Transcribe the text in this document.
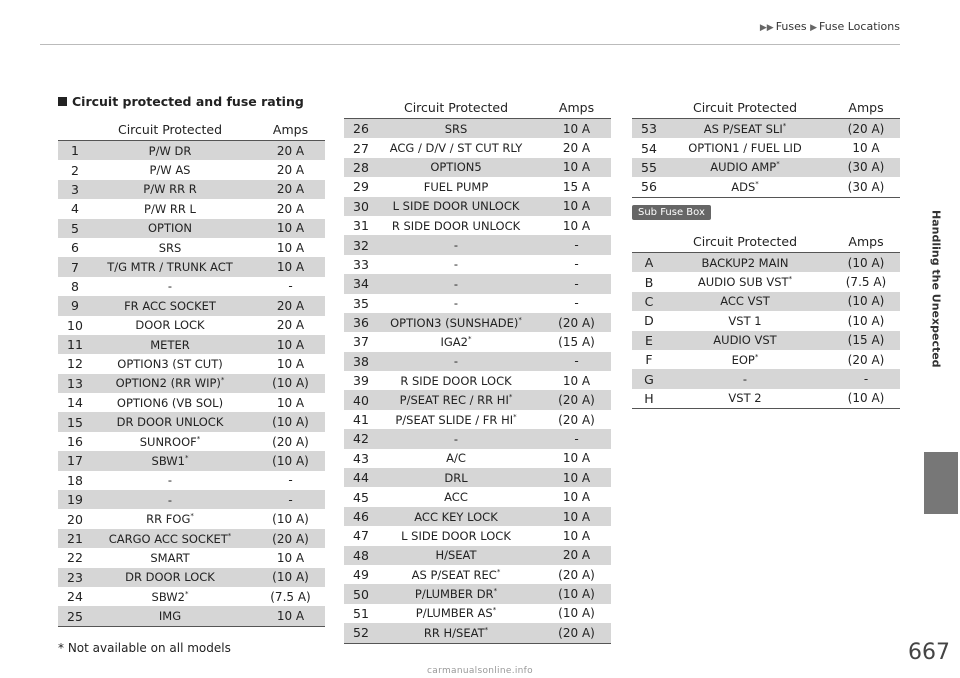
▶▶ Fuses ▶ Fuse Locations
Handling the Unexpected
Circuit protected and fuse rating
	Circuit Protected	Amps
1	P/W DR	20 A
2	P/W AS	20 A
3	P/W RR R	20 A
4	P/W RR L	20 A
5	OPTION	10 A
6	SRS	10 A
7	T/G MTR / TRUNK ACT	10 A
8	-	-
9	FR ACC SOCKET	20 A
10	DOOR LOCK	20 A
11	METER	10 A
12	OPTION3 (ST CUT)	10 A
13	OPTION2 (RR WIP)*	(10 A)
14	OPTION6 (VB SOL)	10 A
15	DR DOOR UNLOCK	(10 A)
16	SUNROOF*	(20 A)
17	SBW1*	(10 A)
18	-	-
19	-	-
20	RR FOG*	(10 A)
21	CARGO ACC SOCKET*	(20 A)
22	SMART	10 A
23	DR DOOR LOCK	(10 A)
24	SBW2*	(7.5 A)
25	IMG	10 A
	Circuit Protected	Amps
26	SRS	10 A
27	ACG / D/V / ST CUT RLY	20 A
28	OPTION5	10 A
29	FUEL PUMP	15 A
30	L SIDE DOOR UNLOCK	10 A
31	R SIDE DOOR UNLOCK	10 A
32	-	-
33	-	-
34	-	-
35	-	-
36	OPTION3 (SUNSHADE)*	(20 A)
37	IGA2*	(15 A)
38	-	-
39	R SIDE DOOR LOCK	10 A
40	P/SEAT REC / RR HI*	(20 A)
41	P/SEAT SLIDE / FR HI*	(20 A)
42	-	-
43	A/C	10 A
44	DRL	10 A
45	ACC	10 A
46	ACC KEY LOCK	10 A
47	L SIDE DOOR LOCK	10 A
48	H/SEAT	20 A
49	AS P/SEAT REC*	(20 A)
50	P/LUMBER DR*	(10 A)
51	P/LUMBER AS*	(10 A)
52	RR H/SEAT*	(20 A)
	Circuit Protected	Amps
53	AS P/SEAT SLI*	(20 A)
54	OPTION1 / FUEL LID	10 A
55	AUDIO AMP*	(30 A)
56	ADS*	(30 A)
Sub Fuse Box
	Circuit Protected	Amps
A	BACKUP2 MAIN	(10 A)
B	AUDIO SUB VST*	(7.5 A)
C	ACC VST	(10 A)
D	VST 1	(10 A)
E	AUDIO VST	(15 A)
F	EOP*	(20 A)
G	-	-
H	VST 2	(10 A)
* Not available on all models	667
carmanualsonline.info
